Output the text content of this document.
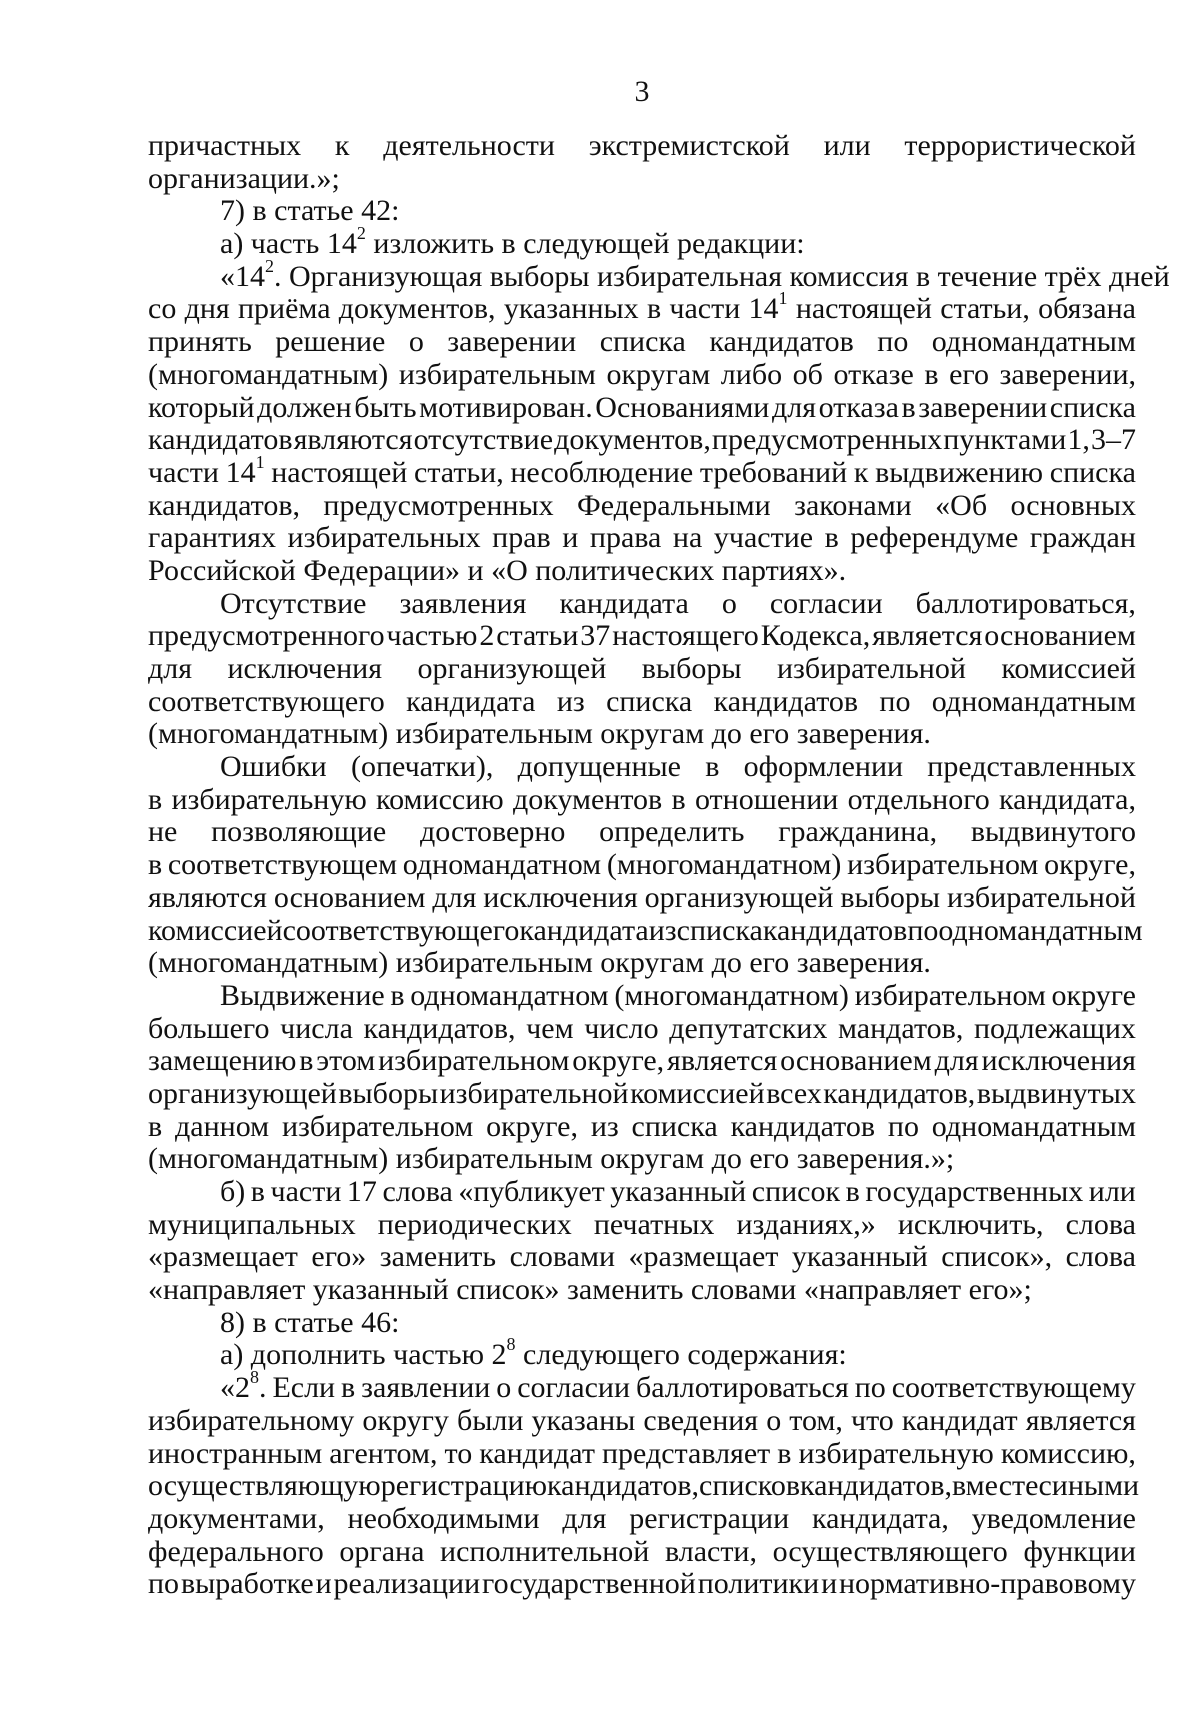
3
причастных к деятельности экстремистской или террористической
организации.»;
7) в статье 42:
а) часть $14^2$ изложить в следующей редакции:
«$14^2$. Организующая выборы избирательная комиссия в течение трёх дней
со дня приёма документов, указанных в части $14^1$ настоящей статьи, обязана
принять решение о заверении списка кандидатов по одномандатным
(многомандатным) избирательным округам либо об отказе в его заверении,
который должен быть мотивирован. Основаниями для отказа в заверении списка
кандидатов являются отсутствие документов, предусмотренных пунктами 1, 3–7
части $14^1$ настоящей статьи, несоблюдение требований к выдвижению списка
кандидатов, предусмотренных Федеральными законами «Об основных
гарантиях избирательных прав и права на участие в референдуме граждан
Российской Федерации» и «О политических партиях».
Отсутствие заявления кандидата о согласии баллотироваться,
предусмотренного частью 2 статьи 37 настоящего Кодекса, является основанием
для исключения организующей выборы избирательной комиссией
соответствующего кандидата из списка кандидатов по одномандатным
(многомандатным) избирательным округам до его заверения.
Ошибки (опечатки), допущенные в оформлении представленных
в избирательную комиссию документов в отношении отдельного кандидата,
не позволяющие достоверно определить гражданина, выдвинутого
в соответствующем одномандатном (многомандатном) избирательном округе,
являются основанием для исключения организующей выборы избирательной
комиссией соответствующего кандидата из списка кандидатов по одномандатным
(многомандатным) избирательным округам до его заверения.
Выдвижение в одномандатном (многомандатном) избирательном округе
большего числа кандидатов, чем число депутатских мандатов, подлежащих
замещению в этом избирательном округе, является основанием для исключения
организующей выборы избирательной комиссией всех кандидатов, выдвинутых
в данном избирательном округе, из списка кандидатов по одномандатным
(многомандатным) избирательным округам до его заверения.»;
б) в части 17 слова «публикует указанный список в государственных или
муниципальных периодических печатных изданиях,» исключить, слова
«размещает его» заменить словами «размещает указанный список», слова
«направляет указанный список» заменить словами «направляет его»;
8) в статье 46:
а) дополнить частью $2^8$ следующего содержания:
«$2^8$. Если в заявлении о согласии баллотироваться по соответствующему
избирательному округу были указаны сведения о том, что кандидат является
иностранным агентом, то кандидат представляет в избирательную комиссию,
осуществляющую регистрацию кандидатов, списков кандидатов, вместе с иными
документами, необходимыми для регистрации кандидата, уведомление
федерального органа исполнительной власти, осуществляющего функции
по выработке и реализации государственной политики и нормативно-правовому
